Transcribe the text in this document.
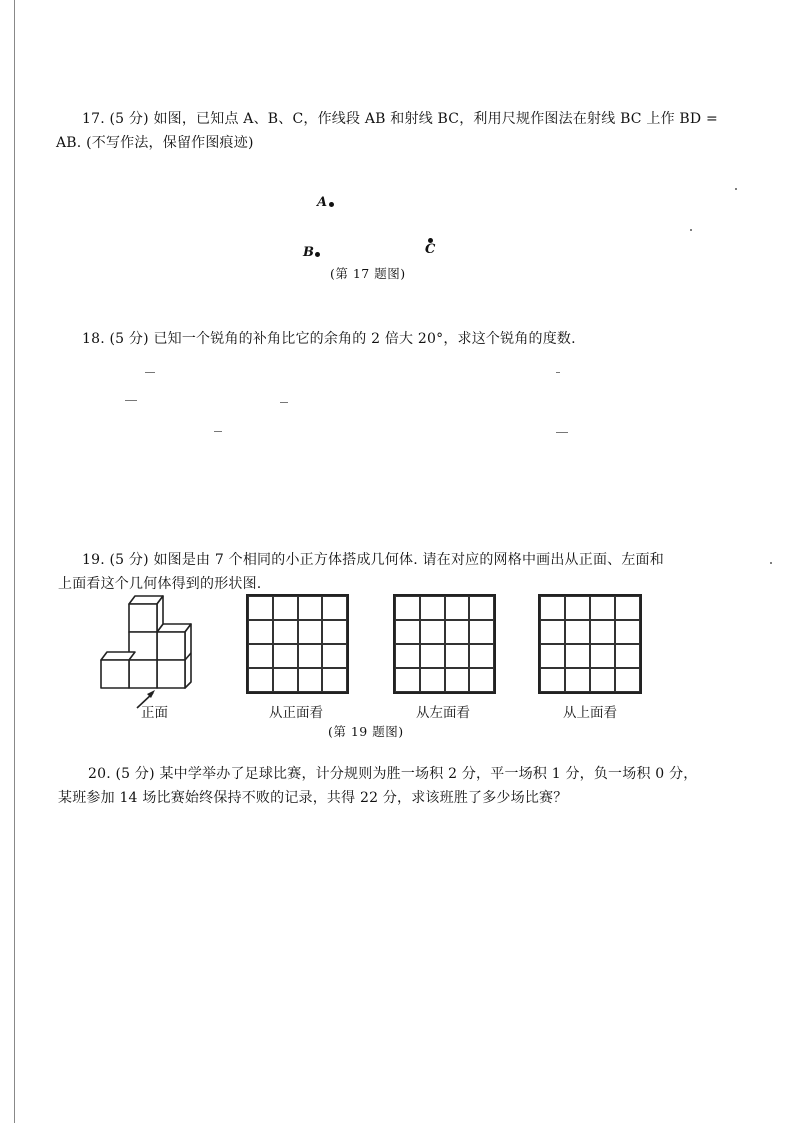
17. (5 分) 如图，已知点 A、B、C，作线段 AB 和射线 BC，利用尺规作图法在射线 BC 上作 BD =
AB. (不写作法，保留作图痕迹)
A
B	C
(第 17 题图)
18. (5 分) 已知一个锐角的补角比它的余角的 2 倍大 20°，求这个锐角的度数.
19. (5 分) 如图是由 7 个相同的小正方体搭成几何体. 请在对应的网格中画出从正面、左面和
上面看这个几何体得到的形状图.
正面	从正面看	从左面看	从上面看
(第 19 题图)
20. (5 分) 某中学举办了足球比赛，计分规则为胜一场积 2 分，平一场积 1 分，负一场积 0 分，
某班参加 14 场比赛始终保持不败的记录，共得 22 分，求该班胜了多少场比赛？
